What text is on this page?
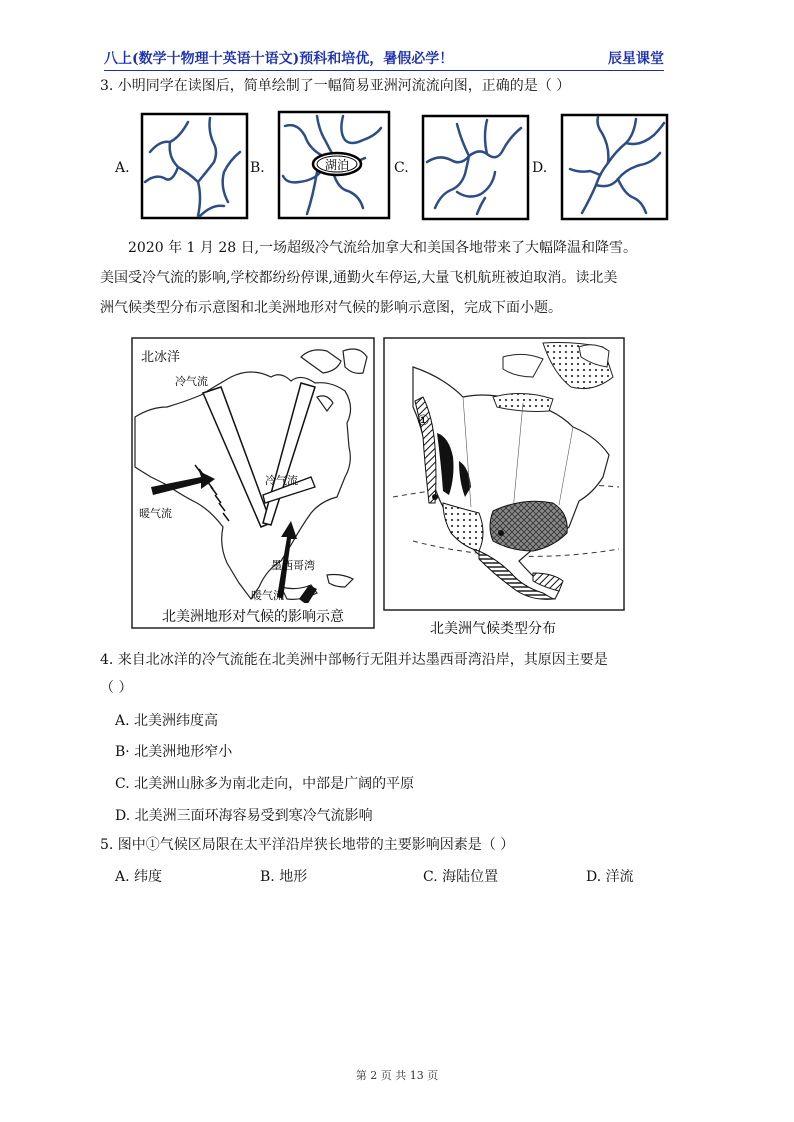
八上(数学十物理十英语十语文)预科和培优，暑假必学！	辰星课堂
3. 小明同学在读图后，简单绘制了一幅简易亚洲河流流向图，正确的是（ ）
A.	B.	C.	D.
湖泊
2020 年 1 月 28 日,一场超级冷气流给加拿大和美国各地带来了大幅降温和降雪。
美国受冷气流的影响,学校都纷纷停课,通勤火车停运,大量飞机航班被迫取消。读北美
洲气候类型分布示意图和北美洲地形对气候的影响示意图，完成下面小题。
北冰洋
冷气流
冷气流
暖气流
墨西哥湾
暖气流
北美洲地形对气候的影响示意
①
北美洲气候类型分布
4. 来自北冰洋的冷气流能在北美洲中部畅行无阻并达墨西哥湾沿岸，其原因主要是
（ ）
A. 北美洲纬度高
B· 北美洲地形窄小
C. 北美洲山脉多为南北走向，中部是广阔的平原
D. 北美洲三面环海容易受到寒冷气流影响
5. 图中①气候区局限在太平洋沿岸狭长地带的主要影响因素是（ ）
A. 纬度	B. 地形	C. 海陆位置	D. 洋流
第 2 页 共 13 页
